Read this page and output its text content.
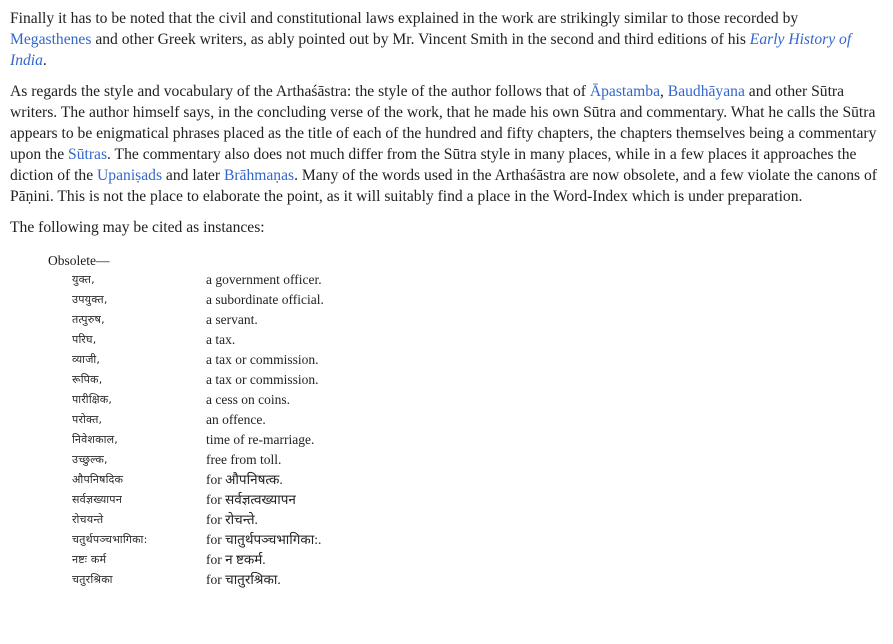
Finally it has to be noted that the civil and constitutional laws explained in the work are strikingly similar to those recorded by Megasthenes and other Greek writers, as ably pointed out by Mr. Vincent Smith in the second and third editions of his Early History of India.

As regards the style and vocabulary of the Arthaśāstra: the style of the author follows that of Āpastamba, Baudhāyana and other Sūtra writers. The author himself says, in the concluding verse of the work, that he made his own Sūtra and commentary. What he calls the Sūtra appears to be enigmatical phrases placed as the title of each of the hundred and fifty chapters, the chapters themselves being a commentary upon the Sūtras. The commentary also does not much differ from the Sūtra style in many places, while in a few places it approaches the diction of the Upaniṣads and later Brāhmaṇas. Many of the words used in the Arthaśāstra are now obsolete, and a few violate the canons of Pāṇini. This is not the place to elaborate the point, as it will suitably find a place in the Word-Index which is under preparation.

The following may be cited as instances:

Obsolete—
युक्त,	a government officer.
उपयुक्त,	a subordinate official.
तत्पुरुष,	a servant.
परिघ,	a tax.
व्याजी,	a tax or commission.
रूपिक,	a tax or commission.
पारीक्षिक,	a cess on coins.
परोक्त,	an offence.
निवेशकाल,	time of re-marriage.
उच्छुल्क,	free from toll.
औपनिषदिक	for औपनिषत्क.
सर्वज्ञख्यापन	for सर्वज्ञत्वख्यापन
रोचयन्ते	for रोचन्ते.
चतुर्थपञ्चभागिका:	for चातुर्थपञ्चभागिका:.
नष्टः कर्म	for न ष्टकर्म.
चतुरश्रिका	for चातुरश्रिका.
